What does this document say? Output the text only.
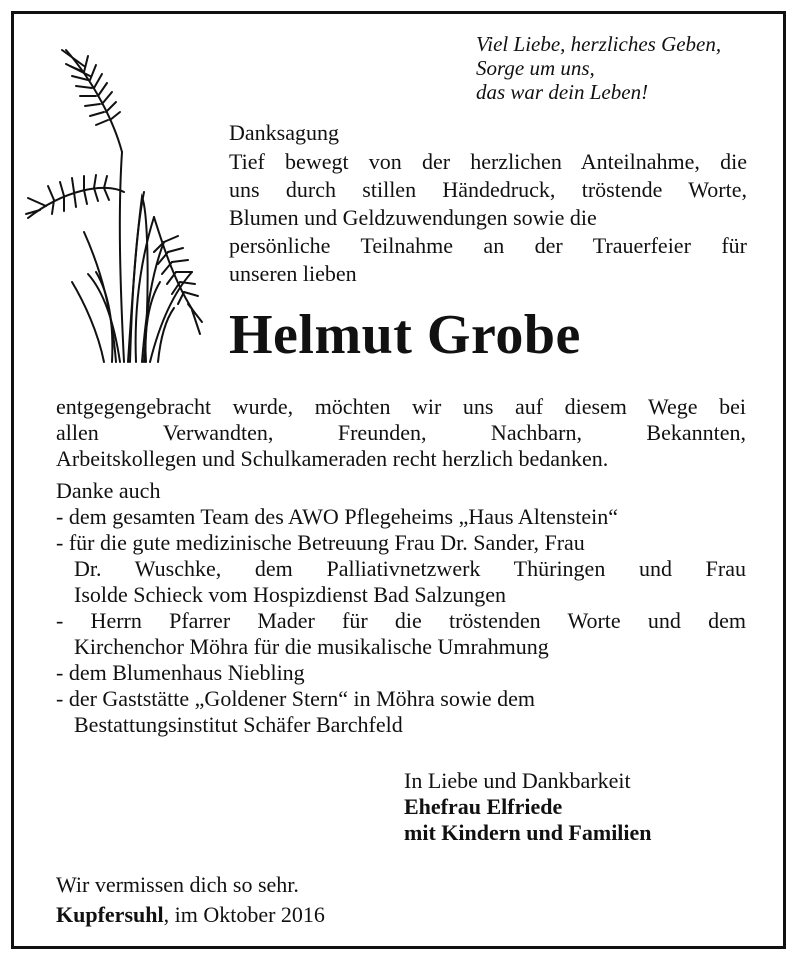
Viel Liebe, herzliches Geben,
Sorge um uns,
das war dein Leben!
Danksagung
Tief bewegt von der herzlichen Anteilnahme, die
uns durch stillen Händedruck, tröstende Worte,
Blumen und Geldzuwendungen sowie die
persönliche Teilnahme an der Trauerfeier für
unseren lieben
Helmut Grobe
entgegengebracht wurde, möchten wir uns auf diesem Wege bei
allen Verwandten, Freunden, Nachbarn, Bekannten,
Arbeitskollegen und Schulkameraden recht herzlich bedanken.
Danke auch
- dem gesamten Team des AWO Pflegeheims „Haus Altenstein“
- für die gute medizinische Betreuung Frau Dr. Sander, Frau
Dr. Wuschke, dem Palliativnetzwerk Thüringen und Frau
Isolde Schieck vom Hospizdienst Bad Salzungen
- Herrn Pfarrer Mader für die tröstenden Worte und dem
Kirchenchor Möhra für die musikalische Umrahmung
- dem Blumenhaus Niebling
- der Gaststätte „Goldener Stern“ in Möhra sowie dem
Bestattungsinstitut Schäfer Barchfeld
In Liebe und Dankbarkeit
Ehefrau Elfriede
mit Kindern und Familien
Wir vermissen dich so sehr.
Kupfersuhl, im Oktober 2016
